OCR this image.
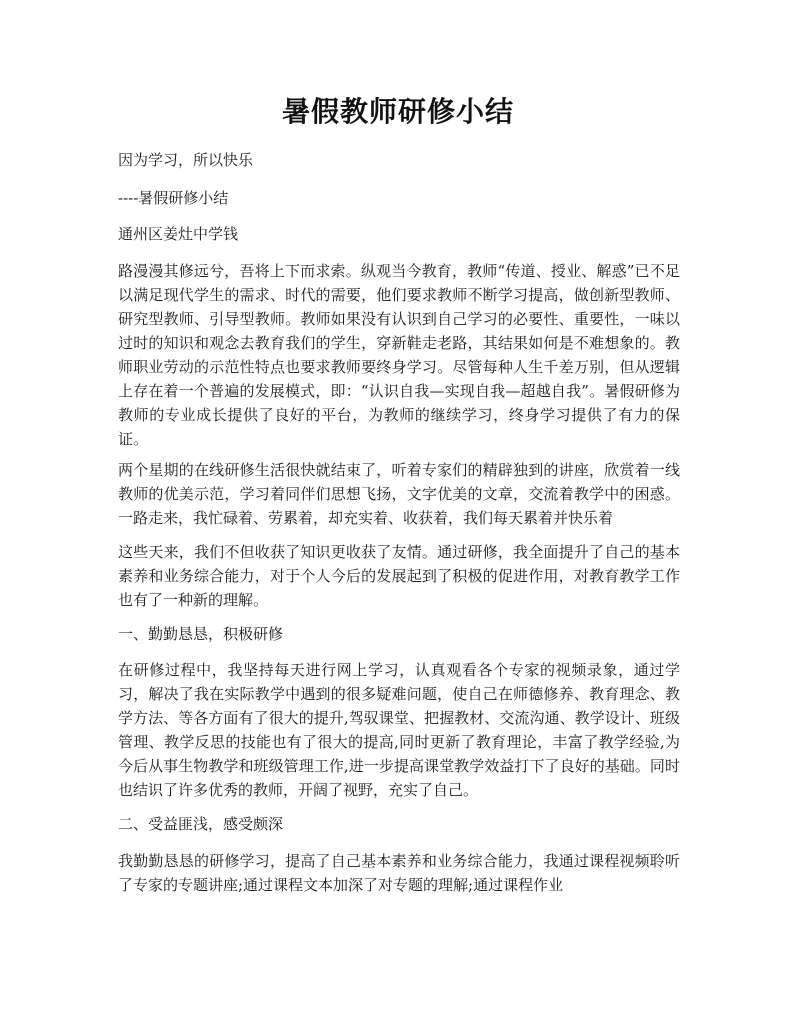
暑假教师研修小结
因为学习，所以快乐
----暑假研修小结
通州区姜灶中学钱
路漫漫其修远兮，吾将上下而求索。纵观当今教育，教师“传道、授业、解惑”已不足以满足现代学生的需求、时代的需要，他们要求教师不断学习提高，做创新型教师、研究型教师、引导型教师。教师如果没有认识到自己学习的必要性、重要性，一味以过时的知识和观念去教育我们的学生，穿新鞋走老路，其结果如何是不难想象的。教师职业劳动的示范性特点也要求教师要终身学习。尽管每种人生千差万别，但从逻辑上存在着一个普遍的发展模式，即：“认识自我—实现自我—超越自我”。暑假研修为教师的专业成长提供了良好的平台，为教师的继续学习，终身学习提供了有力的保证。
两个星期的在线研修生活很快就结束了，听着专家们的精辟独到的讲座，欣赏着一线教师的优美示范，学习着同伴们思想飞扬，文字优美的文章，交流着教学中的困惑。一路走来，我忙碌着、劳累着，却充实着、收获着，我们每天累着并快乐着
这些天来，我们不但收获了知识更收获了友情。通过研修，我全面提升了自己的基本素养和业务综合能力，对于个人今后的发展起到了积极的促进作用，对教育教学工作也有了一种新的理解。
一、勤勤恳恳，积极研修
在研修过程中，我坚持每天进行网上学习，认真观看各个专家的视频录象，通过学习，解决了我在实际教学中遇到的很多疑难问题，使自己在师德修养、教育理念、教学方法、等各方面有了很大的提升,驾驭课堂、把握教材、交流沟通、教学设计、班级管理、教学反思的技能也有了很大的提高,同时更新了教育理论，丰富了教学经验,为今后从事生物教学和班级管理工作,进一步提高课堂教学效益打下了良好的基础。同时也结识了许多优秀的教师，开阔了视野，充实了自己。
二、受益匪浅，感受颇深
我勤勤恳恳的研修学习，提高了自己基本素养和业务综合能力，我通过课程视频聆听了专家的专题讲座;通过课程文本加深了对专题的理解;通过课程作业
